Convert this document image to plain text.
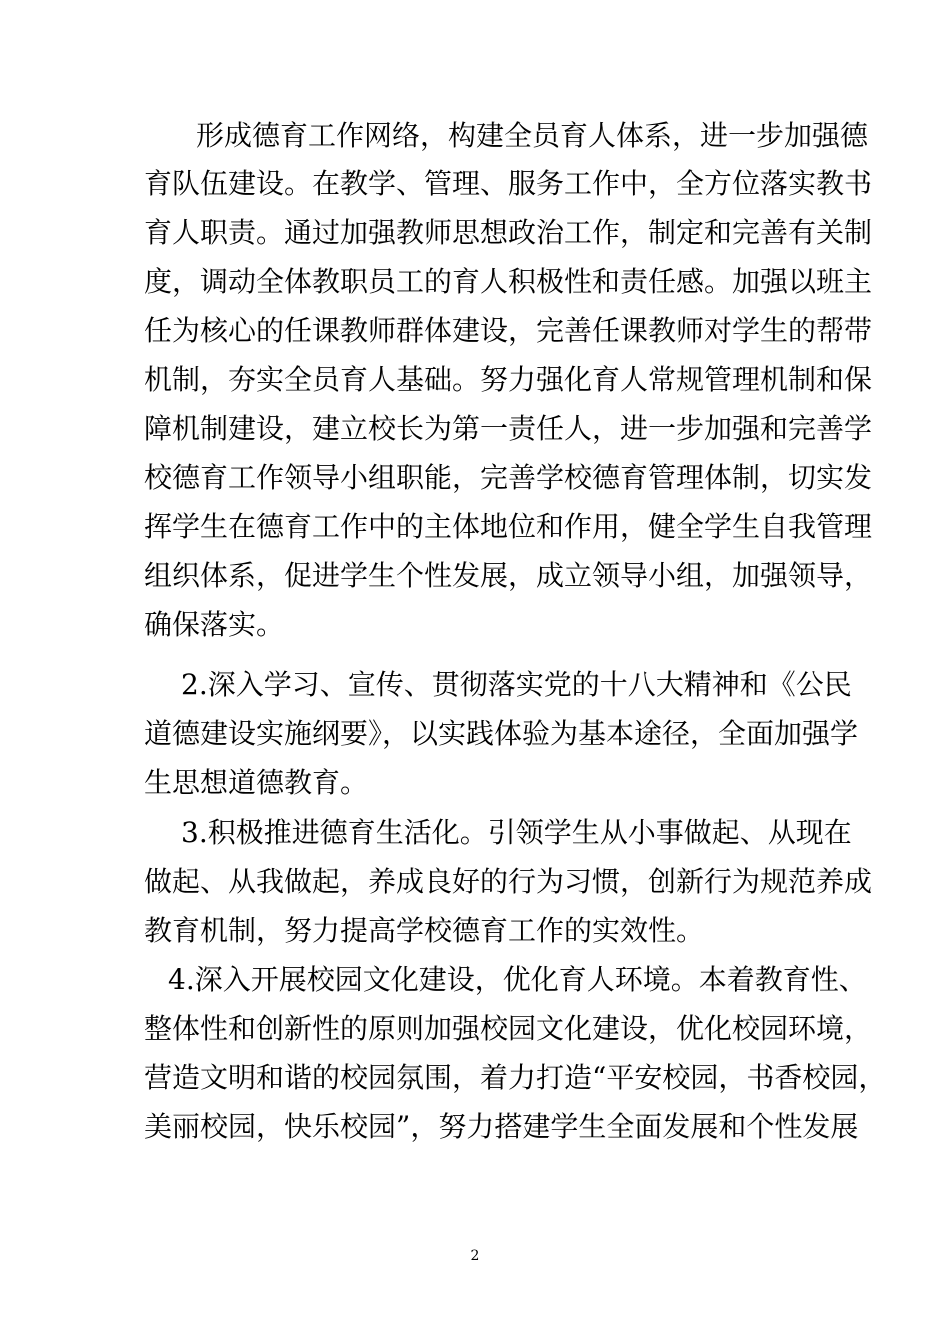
形成德育工作网络，构建全员育人体系，进一步加强德
育队伍建设。在教学、管理、服务工作中，全方位落实教书
育人职责。通过加强教师思想政治工作，制定和完善有关制
度，调动全体教职员工的育人积极性和责任感。加强以班主
任为核心的任课教师群体建设，完善任课教师对学生的帮带
机制，夯实全员育人基础。努力强化育人常规管理机制和保
障机制建设，建立校长为第一责任人，进一步加强和完善学
校德育工作领导小组职能，完善学校德育管理体制，切实发
挥学生在德育工作中的主体地位和作用，健全学生自我管理
组织体系，促进学生个性发展，成立领导小组，加强领导，
确保落实。
2.深入学习、宣传、贯彻落实党的十八大精神和《公民
道德建设实施纲要》，以实践体验为基本途径，全面加强学
生思想道德教育。
3.积极推进德育生活化。引领学生从小事做起、从现在
做起、从我做起，养成良好的行为习惯，创新行为规范养成
教育机制，努力提高学校德育工作的实效性。
4.深入开展校园文化建设，优化育人环境。本着教育性、
整体性和创新性的原则加强校园文化建设，优化校园环境，
营造文明和谐的校园氛围，着力打造“平安校园，书香校园，
美丽校园，快乐校园”，努力搭建学生全面发展和个性发展
2
